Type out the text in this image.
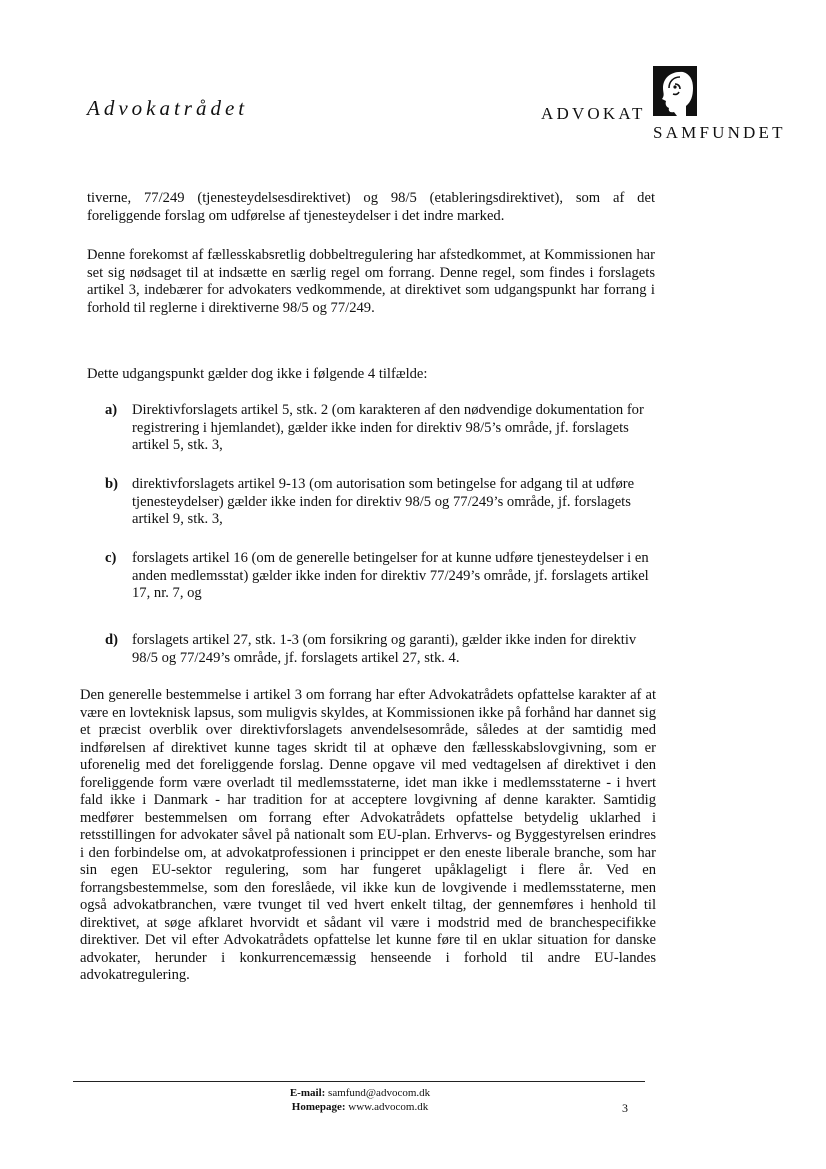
Advokatrådet	ADVOKAT
SAMFUNDET

tiverne, 77/249 (tjenesteydelsesdirektivet) og 98/5 (etableringsdirektivet), som af det foreliggende forslag om udførelse af tjenesteydelser i det indre marked.

Denne forekomst af fællesskabsretlig dobbeltregulering har afstedkommet, at Kommissionen har set sig nødsaget til at indsætte en særlig regel om forrang. Denne regel, som findes i forslagets artikel 3, indebærer for advokaters vedkommende, at direktivet som udgangspunkt har forrang i forhold til reglerne i direktiverne 98/5 og 77/249.

Dette udgangspunkt gælder dog ikke i følgende 4 tilfælde:

a)	Direktivforslagets artikel 5, stk. 2 (om karakteren af den nødvendige dokumentation for registrering i hjemlandet), gælder ikke inden for direktiv 98/5’s område, jf. forslagets artikel 5, stk. 3,

b) direktivforslagets artikel 9-13 (om autorisation som betingelse for adgang til at udføre tjenesteydelser) gælder ikke inden for direktiv 98/5 og 77/249’s område, jf. forslagets artikel 9, stk. 3,

c)	forslagets artikel 16 (om de generelle betingelser for at kunne udføre tjenesteydelser i en anden medlemsstat) gælder ikke inden for direktiv 77/249’s område, jf. forslagets artikel 17, nr. 7, og

d) forslagets artikel 27, stk. 1-3 (om forsikring og garanti), gælder ikke inden for direktiv 98/5 og 77/249’s område, jf. forslagets artikel 27, stk. 4.

Den generelle bestemmelse i artikel 3 om forrang har efter Advokatrådets opfattelse karakter af at være en lovteknisk lapsus, som muligvis skyldes, at Kommissionen ikke på forhånd har dannet sig et præcist overblik over direktivforslagets anvendelsesområde, således at der samtidig med indførelsen af direktivet kunne tages skridt til at ophæve den fællesskabslovgivning, som er uforenelig med det foreliggende forslag. Denne opgave vil med vedtagelsen af direktivet i den foreliggende form være overladt til medlemsstaterne, idet man ikke i medlemsstaterne - i hvert fald ikke i Danmark - har tradition for at acceptere lovgivning af denne karakter. Samtidig medfører bestemmelsen om forrang efter Advokatrådets opfattelse betydelig uklarhed i retsstillingen for advokater såvel på nationalt som EU-plan. Erhvervs- og Byggestyrelsen erindres i den forbindelse om, at advokatprofessionen i princippet er den eneste liberale branche, som har sin egen EU-sektor regulering, som har fungeret upåklageligt i flere år. Ved en forrangsbestemmelse, som den foreslåede, vil ikke kun de lovgivende i medlemsstaterne, men også advokatbranchen, være tvunget til ved hvert enkelt tiltag, der gennemføres i henhold til direktivet, at søge afklaret hvorvidt et sådant vil være i modstrid med de branchespecifikke direktiver. Det vil efter Advokatrådets opfattelse let kunne føre til en uklar situation for danske advokater, herunder i konkurrencemæssig henseende i forhold til andre EU-landes advokatregulering.

E-mail: samfund@advocom.dk
Homepage: www.advocom.dk	3
